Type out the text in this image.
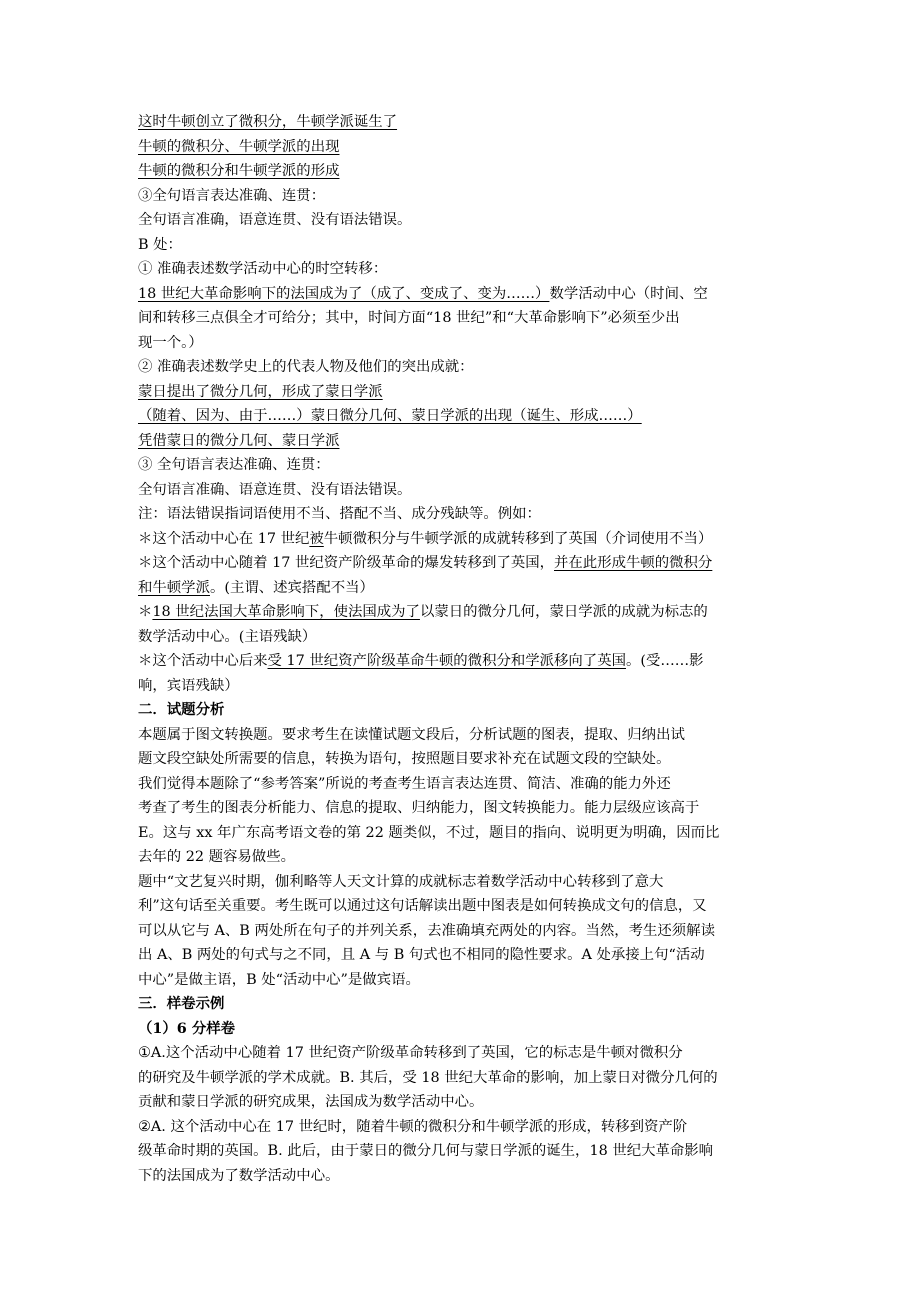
这时牛顿创立了微积分，牛顿学派诞生了

牛顿的微积分、牛顿学派的出现

牛顿的微积分和牛顿学派的形成

③全句语言表达准确、连贯：

全句语言准确，语意连贯、没有语法错误。

B 处：

① 准确表述数学活动中心的时空转移：

18 世纪大革命影响下的法国成为了（成了、变成了、变为……）数学活动中心（时间、空

间和转移三点俱全才可给分；其中，时间方面“18 世纪”和“大革命影响下”必须至少出

现一个。）

② 准确表述数学史上的代表人物及他们的突出成就：

蒙日提出了微分几何，形成了蒙日学派

（随着、因为、由于……）蒙日微分几何、蒙日学派的出现（诞生、形成……）

凭借蒙日的微分几何、蒙日学派

③ 全句语言表达准确、连贯：

全句语言准确、语意连贯、没有语法错误。

注：语法错误指词语使用不当、搭配不当、成分残缺等。例如：

＊这个活动中心在 17 世纪被牛顿微积分与牛顿学派的成就转移到了英国（介词使用不当）

＊这个活动中心随着 17 世纪资产阶级革命的爆发转移到了英国，并在此形成牛顿的微积分

和牛顿学派。(主谓、述宾搭配不当）

＊18 世纪法国大革命影响下，使法国成为了以蒙日的微分几何，蒙日学派的成就为标志的

数学活动中心。(主语残缺）

＊这个活动中心后来受 17 世纪资产阶级革命牛顿的微积分和学派移向了英国。(受……影

响，宾语残缺）

二．试题分析

本题属于图文转换题。要求考生在读懂试题文段后，分析试题的图表，提取、归纳出试

题文段空缺处所需要的信息，转换为语句，按照题目要求补充在试题文段的空缺处。

我们觉得本题除了“参考答案”所说的考查考生语言表达连贯、简洁、准确的能力外还

考查了考生的图表分析能力、信息的提取、归纳能力，图文转换能力。能力层级应该高于

E。这与 xx 年广东高考语文卷的第 22 题类似，不过，题目的指向、说明更为明确，因而比

去年的 22 题容易做些。

题中“文艺复兴时期，伽利略等人天文计算的成就标志着数学活动中心转移到了意大

利”这句话至关重要。考生既可以通过这句话解读出题中图表是如何转换成文句的信息，又

可以从它与 A、B 两处所在句子的并列关系，去准确填充两处的内容。当然，考生还须解读

出 A、B 两处的句式与之不同，且 A 与 B 句式也不相同的隐性要求。A 处承接上句“活动

中心”是做主语，B 处“活动中心”是做宾语。

三．样卷示例

（1）6 分样卷

①A.这个活动中心随着 17 世纪资产阶级革命转移到了英国，它的标志是牛顿对微积分

的研究及牛顿学派的学术成就。B. 其后，受 18 世纪大革命的影响，加上蒙日对微分几何的

贡献和蒙日学派的研究成果，法国成为数学活动中心。

②A. 这个活动中心在 17 世纪时，随着牛顿的微积分和牛顿学派的形成，转移到资产阶

级革命时期的英国。B. 此后，由于蒙日的微分几何与蒙日学派的诞生，18 世纪大革命影响

下的法国成为了数学活动中心。
